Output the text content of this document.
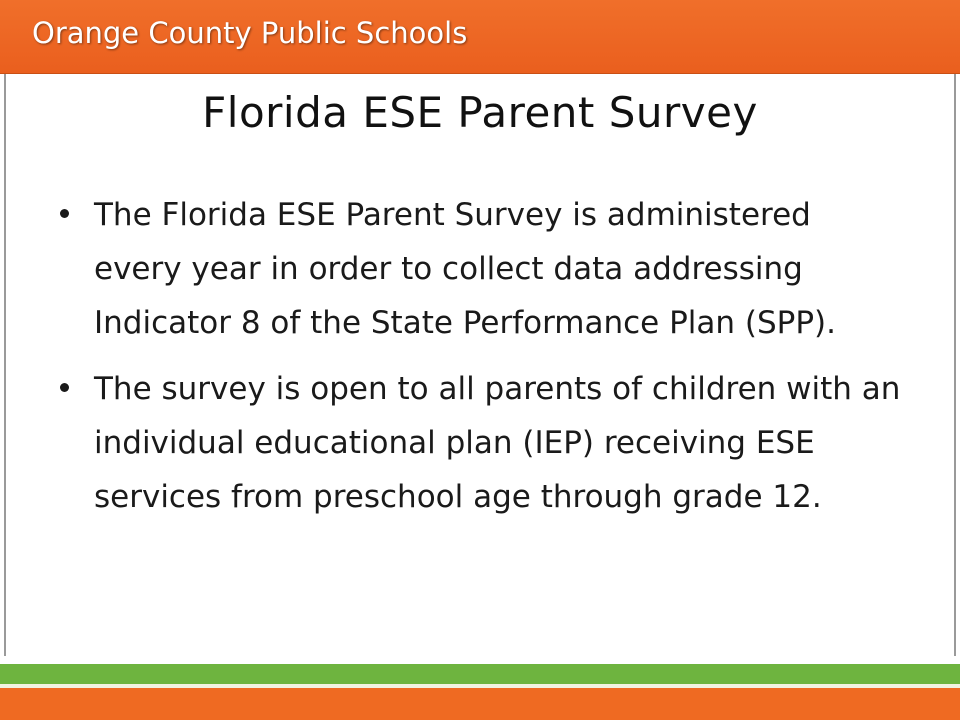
Orange County Public Schools
Florida ESE Parent Survey
The Florida ESE Parent Survey is administered every year in order to collect data addressing Indicator 8 of the State Performance Plan (SPP).
The survey is open to all parents of children with an individual educational plan (IEP) receiving ESE services from preschool age through grade 12.
